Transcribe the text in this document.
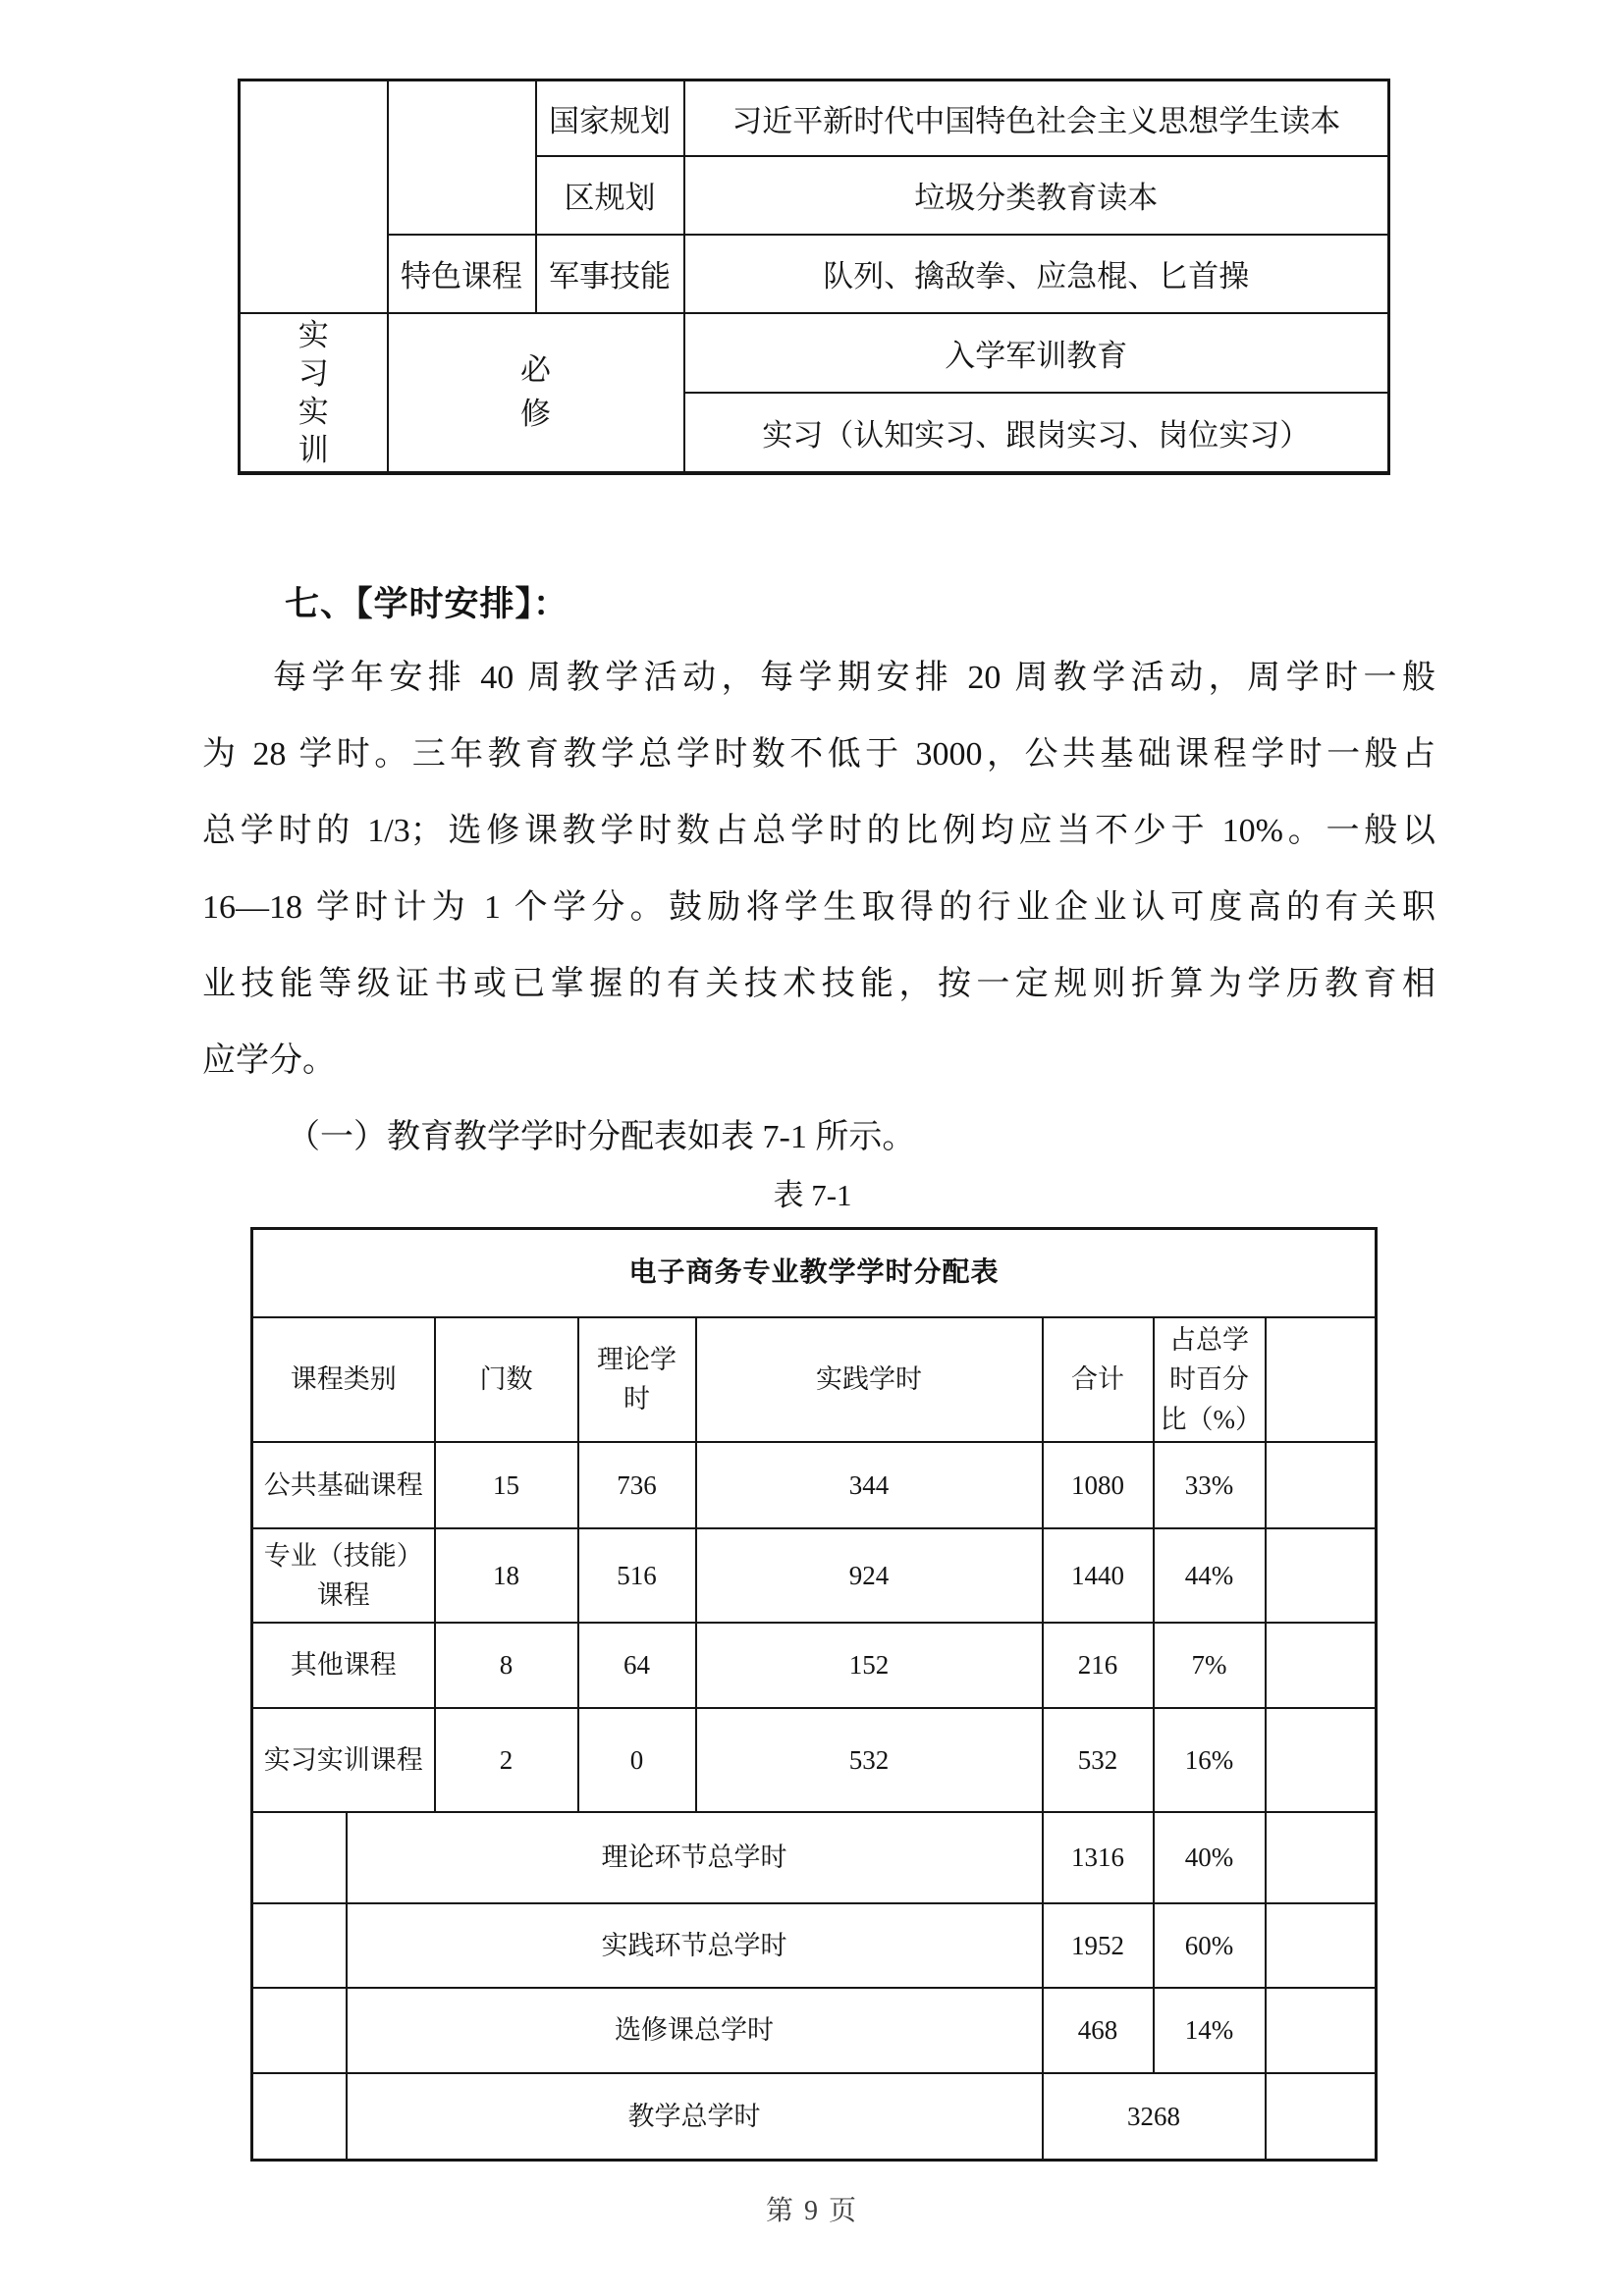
		国家规划	习近平新时代中国特色社会主义思想学生读本
		区规划	垃圾分类教育读本
	特色课程	军事技能	队列、擒敌拳、应急棍、匕首操

实习实训	必修		入学军训教育
			实习（认知实习、跟岗实习、岗位实习）
七、【学时安排】：
每学年安排 40 周教学活动，每学期安排 20 周教学活动，周学时一般
为 28 学时。三年教育教学总学时数不低于 3000，公共基础课程学时一般占
总学时的 1/3；选修课教学时数占总学时的比例均应当不少于 10%。一般以
16—18 学时计为 1 个学分。鼓励将学生取得的行业企业认可度高的有关职
业技能等级证书或已掌握的有关技术技能，按一定规则折算为学历教育相
应学分。
（一）教育教学学时分配表如表 7-1 所示。
表 7-1
电子商务专业教学学时分配表							
课程类别		门数	理论学时	实践学时	合计	占总学时百分比（%）	
公共基础课程		15	736	344	1080	33%	
专业（技能）课程		18	516	924	1440	44%	
其他课程		8	64	152	216	7%	
实习实训课程		2	0	532	532	16%	
	理论环节总学时				1316	40%	
	实践环节总学时				1952	60%	
	选修课总学时				468	14%	
	教学总学时				3268		
第 9 页
